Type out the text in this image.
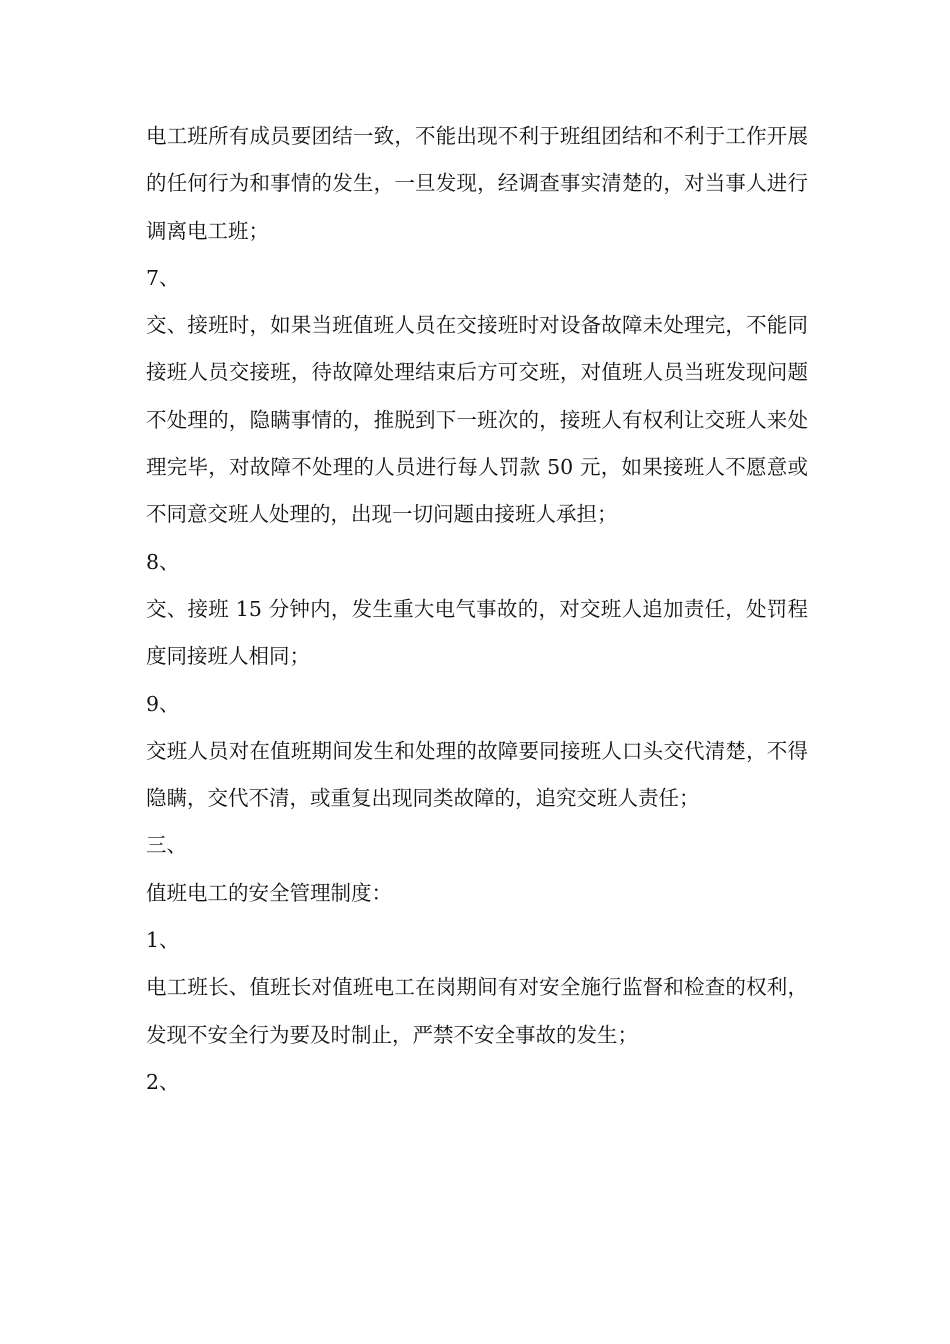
电工班所有成员要团结一致，不能出现不利于班组团结和不利于工作开展的任何行为和事情的发生，一旦发现，经调查事实清楚的，对当事人进行调离电工班；

7、

交、接班时，如果当班值班人员在交接班时对设备故障未处理完，不能同接班人员交接班，待故障处理结束后方可交班，对值班人员当班发现问题不处理的，隐瞒事情的，推脱到下一班次的，接班人有权利让交班人来处理完毕，对故障不处理的人员进行每人罚款 50 元，如果接班人不愿意或不同意交班人处理的，出现一切问题由接班人承担；

8、

交、接班 15 分钟内，发生重大电气事故的，对交班人追加责任，处罚程度同接班人相同；

9、

交班人员对在值班期间发生和处理的故障要同接班人口头交代清楚，不得隐瞒，交代不清，或重复出现同类故障的，追究交班人责任；

三、

值班电工的安全管理制度：

1、

电工班长、值班长对值班电工在岗期间有对安全施行监督和检查的权利，发现不安全行为要及时制止，严禁不安全事故的发生；

2、
